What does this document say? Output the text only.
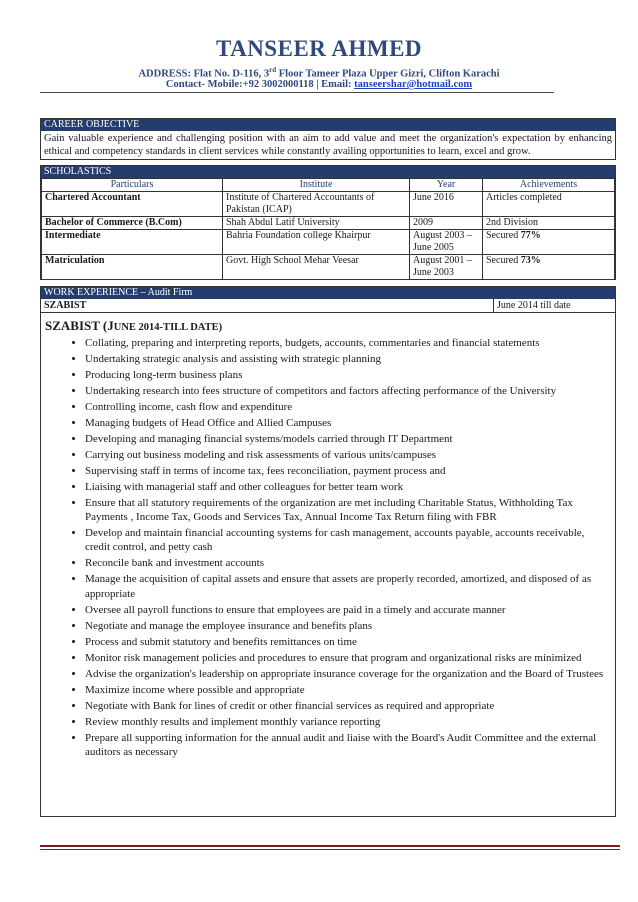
TANSEER AHMED
ADDRESS: Flat No. D-116, 3rd Floor Tameer Plaza Upper Gizri, Clifton Karachi
Contact- Mobile:+92 3002000118 | Email: tanseershar@hotmail.com
CAREER OBJECTIVE
Gain valuable experience and challenging position with an aim to add value and meet the organization's expectation by enhancing ethical and competency standards in client services while constantly availing opportunities to learn, excel and grow.
SCHOLASTICS
Particulars	Institute	Year	Achievements
Chartered Accountant	Institute of Chartered Accountants of Pakistan (ICAP)	June 2016	Articles completed
Bachelor of Commerce (B.Com)	Shah Abdul Latif University	2009	2nd Division
Intermediate	Bahria Foundation college Khairpur	August 2003 – June 2005	Secured 77%
Matriculation	Govt. High School Mehar Veesar	August 2001 – June 2003	Secured 73%
WORK EXPERIENCE – Audit Firm
SZABIST	June 2014 till date
SZABIST (JUNE 2014-TILL DATE)
• Collating, preparing and interpreting reports, budgets, accounts, commentaries and financial statements
• Undertaking strategic analysis and assisting with strategic planning
• Producing long-term business plans
• Undertaking research into fees structure of competitors and factors affecting performance of the University
• Controlling income, cash flow and expenditure
• Managing budgets of Head Office and Allied Campuses
• Developing and managing financial systems/models carried through IT Department
• Carrying out business modeling and risk assessments of various units/campuses
• Supervising staff in terms of income tax, fees reconciliation, payment process and
• Liaising with managerial staff and other colleagues for better team work
• Ensure that all statutory requirements of the organization are met including Charitable Status, Withholding Tax Payments , Income Tax, Goods and Services Tax, Annual Income Tax Return filing with FBR
• Develop and maintain financial accounting systems for cash management, accounts payable, accounts receivable, credit control, and petty cash
• Reconcile bank and investment accounts
• Manage the acquisition of capital assets and ensure that assets are properly recorded, amortized, and disposed of as appropriate
• Oversee all payroll functions to ensure that employees are paid in a timely and accurate manner
• Negotiate and manage the employee insurance and benefits plans
• Process and submit statutory and benefits remittances on time
• Monitor risk management policies and procedures to ensure that program and organizational risks are minimized
• Advise the organization's leadership on appropriate insurance coverage for the organization and the Board of Trustees
• Maximize income where possible and appropriate
• Negotiate with Bank for lines of credit or other financial services as required and appropriate
• Review monthly results and implement monthly variance reporting
• Prepare all supporting information for the annual audit and liaise with the Board's Audit Committee and the external auditors as necessary
